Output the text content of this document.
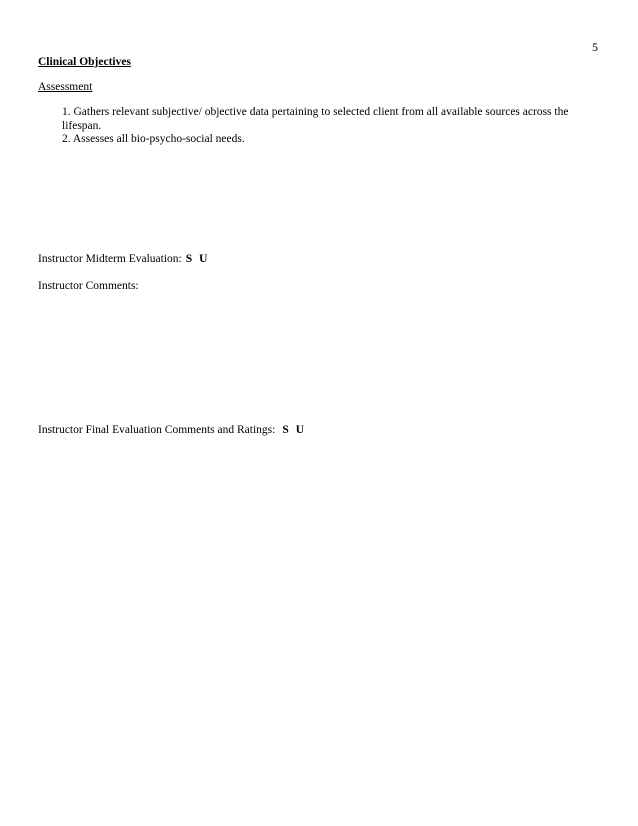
5
Clinical Objectives
Assessment
1. Gathers relevant subjective/ objective data pertaining to selected client from all available sources across the lifespan.
2. Assesses all bio-psycho-social needs.
Instructor Midterm Evaluation: S U
Instructor Comments:
Instructor Final Evaluation Comments and Ratings: S U
